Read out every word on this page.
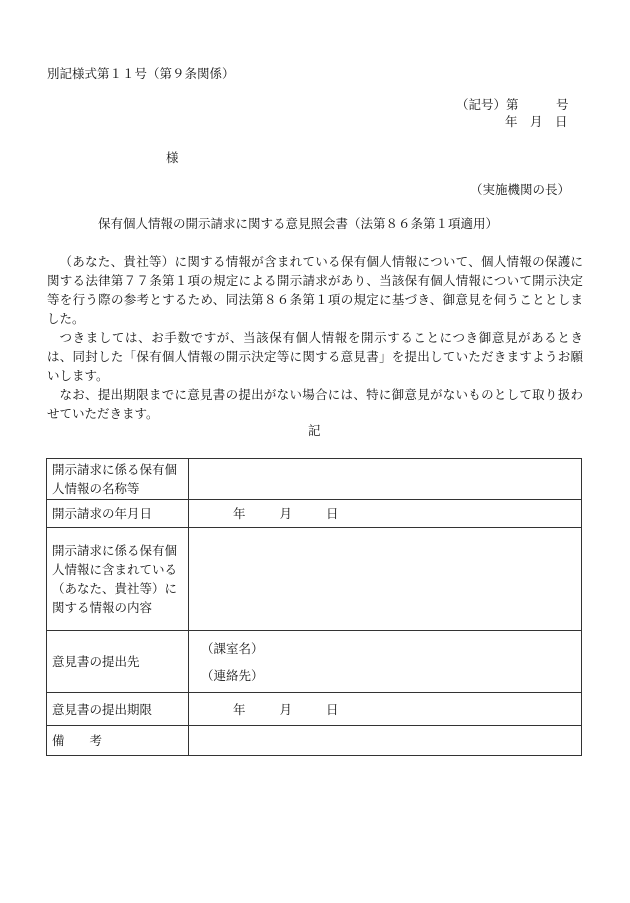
別記様式第１１号（第９条関係）
（記号）第　　　号
年　月　日
様
（実施機関の長）
保有個人情報の開示請求に関する意見照会書（法第８６条第１項適用）

（あなた、貴社等）に関する情報が含まれている保有個人情報について、個人情報の保護に関する法律第７７条第１項の規定による開示請求があり、当該保有個人情報について開示決定等を行う際の参考とするため、同法第８６条第１項の規定に基づき、御意見を伺うこととしました。

つきましては、お手数ですが、当該保有個人情報を開示することにつき御意見があるときは、同封した「保有個人情報の開示決定等に関する意見書」を提出していただきますようお願いします。

なお、提出期限までに意見書の提出がない場合には、特に御意見がないものとして取り扱わせていただきます。

記
開示請求に係る保有個人情報の名称等	
開示請求の年月日	年 月 日
開示請求に係る保有個人情報に含まれている（あなた、貴社等）に関する情報の内容	
意見書の提出先	（課室名）
（連絡先）

意見書の提出期限	年 月 日
備　　考	
